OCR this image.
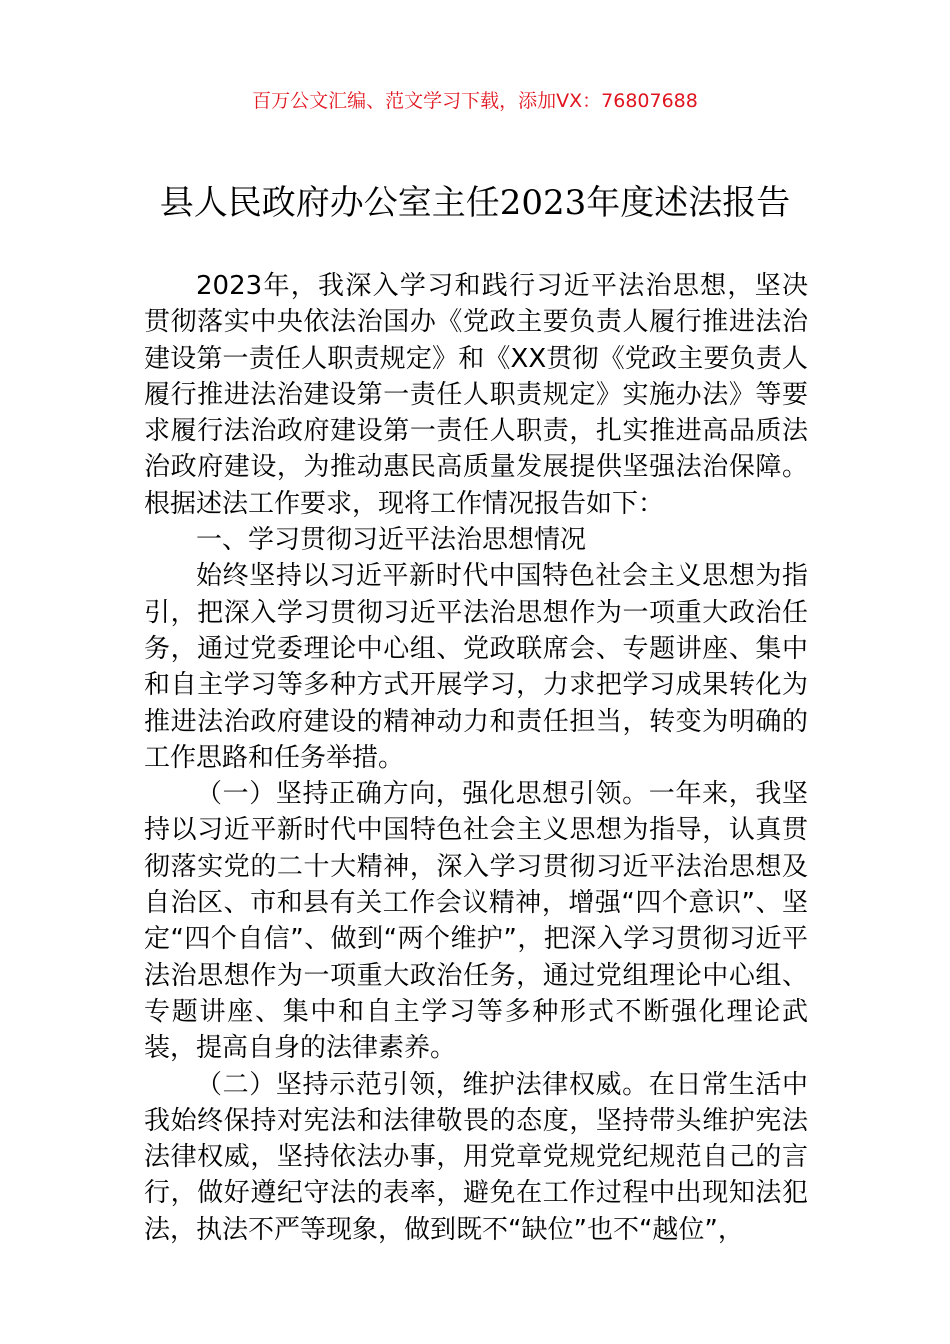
百万公文汇编、范文学习下载，添加VX：76807688
县人民政府办公室主任2023年度述法报告

2023年，我深入学习和践行习近平法治思想，坚决贯彻落实中央依法治国办《党政主要负责人履行推进法治建设第一责任人职责规定》和《XX贯彻《党政主要负责人履行推进法治建设第一责任人职责规定》实施办法》等要求履行法治政府建设第一责任人职责，扎实推进高品质法治政府建设，为推动惠民高质量发展提供坚强法治保障。根据述法工作要求，现将工作情况报告如下：

一、学习贯彻习近平法治思想情况

始终坚持以习近平新时代中国特色社会主义思想为指引，把深入学习贯彻习近平法治思想作为一项重大政治任务，通过党委理论中心组、党政联席会、专题讲座、集中和自主学习等多种方式开展学习，力求把学习成果转化为推进法治政府建设的精神动力和责任担当，转变为明确的工作思路和任务举措。

（一）坚持正确方向，强化思想引领。一年来，我坚持以习近平新时代中国特色社会主义思想为指导，认真贯彻落实党的二十大精神，深入学习贯彻习近平法治思想及自治区、市和县有关工作会议精神，增强“四个意识”、坚定“四个自信”、做到“两个维护”，把深入学习贯彻习近平法治思想作为一项重大政治任务，通过党组理论中心组、专题讲座、集中和自主学习等多种形式不断强化理论武装，提高自身的法律素养。

（二）坚持示范引领，维护法律权威。在日常生活中我始终保持对宪法和法律敬畏的态度，坚持带头维护宪法法律权威，坚持依法办事，用党章党规党纪规范自己的言行，做好遵纪守法的表率，避免在工作过程中出现知法犯法，执法不严等现象，做到既不“缺位”也不“越位”，
